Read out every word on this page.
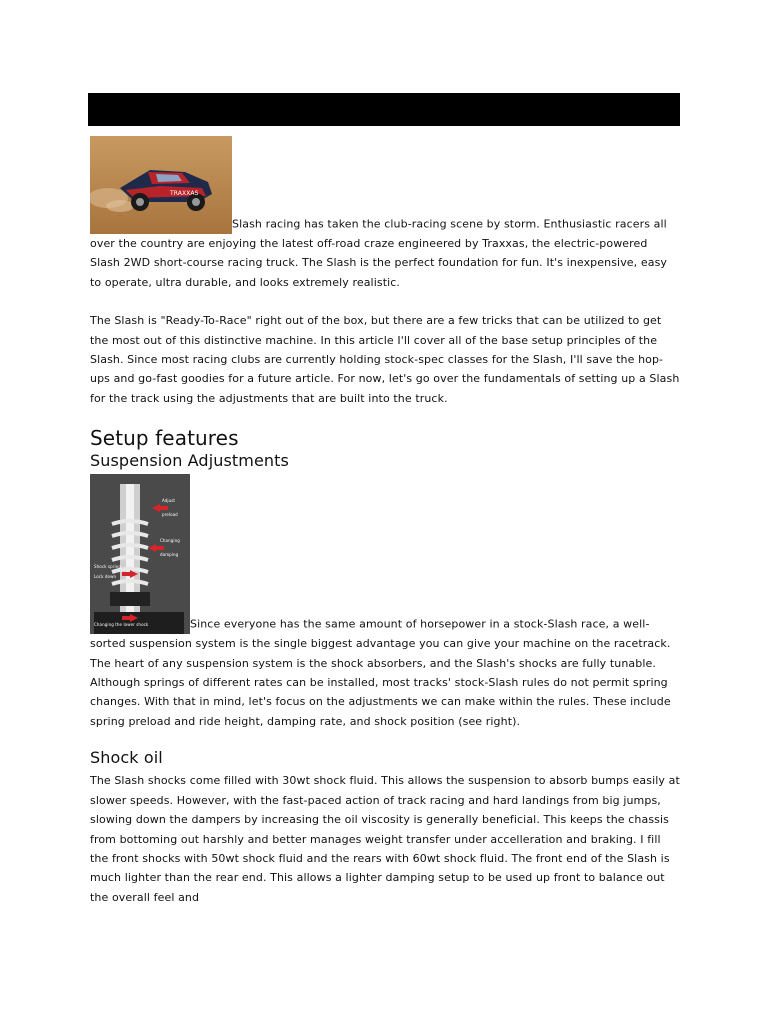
TRAXXAS
Slash racing has taken the club-racing scene by storm. Enthusiastic racers all over the country are enjoying the latest off-road craze engineered by Traxxas, the electric-powered Slash 2WD short-course racing truck. The Slash is the perfect foundation for fun. It's inexpensive, easy to operate, ultra durable, and looks extremely realistic.

The Slash is "Ready-To-Race" right out of the box, but there are a few tricks that can be utilized to get the most out of this distinctive machine. In this article I'll cover all of the base setup principles of the Slash. Since most racing clubs are currently holding stock-spec classes for the Slash, I'll save the hop-ups and go-fast goodies for a future article. For now, let's go over the fundamentals of setting up a Slash for the track using the adjustments that are built into the truck.

Setup features
Suspension Adjustments

Adjust
preload
Changing
damping
Shock spring
Lock down
Changing the lower shock	Since everyone has the same amount of horsepower in a stock-Slash race, a well-sorted suspension system is the single biggest advantage you can give your machine on the racetrack. The heart of any suspension system is the shock absorbers, and the Slash's shocks are fully tunable. Although springs of different rates can be installed, most tracks' stock-Slash rules do not permit spring changes. With that in mind, let's focus on the adjustments we can make within the rules. These include spring preload and ride height, damping rate, and shock position (see right).

Shock oil

The Slash shocks come filled with 30wt shock fluid. This allows the suspension to absorb bumps easily at slower speeds. However, with the fast-paced action of track racing and hard landings from big jumps, slowing down the dampers by increasing the oil viscosity is generally beneficial. This keeps the chassis from bottoming out harshly and better manages weight transfer under accelleration and braking. I fill the front shocks with 50wt shock fluid and the rears with 60wt shock fluid. The front end of the Slash is much lighter than the rear end. This allows a lighter damping setup to be used up front to balance out the overall feel and
